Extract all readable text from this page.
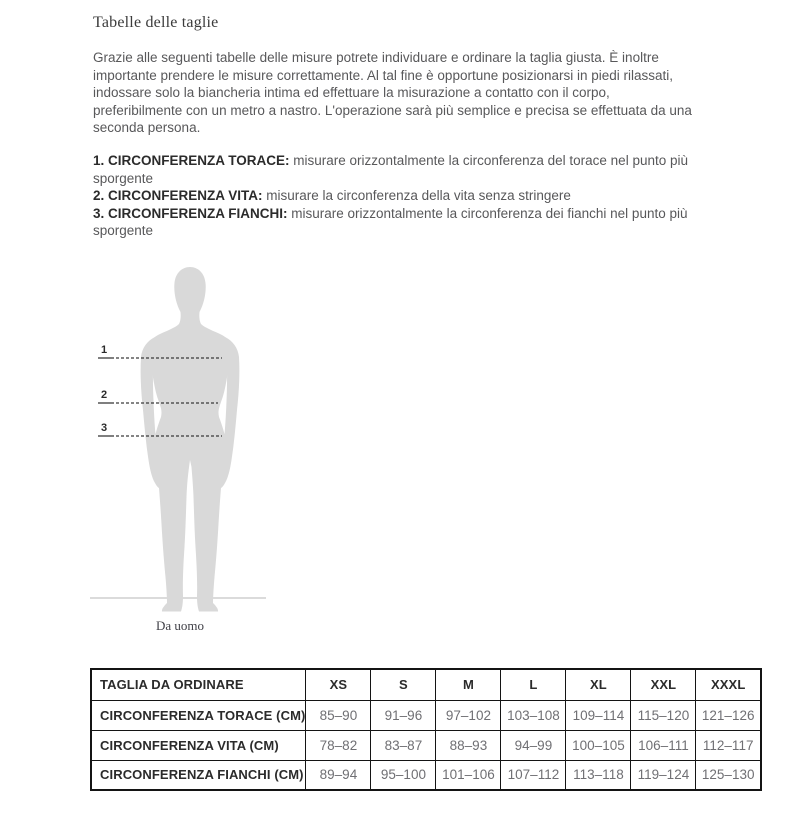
Tabelle delle taglie

Grazie alle seguenti tabelle delle misure potrete individuare e ordinare la taglia giusta. È inoltre importante prendere le misure correttamente. Al tal fine è opportune posizionarsi in piedi rilassati, indossare solo la biancheria intima ed effettuare la misurazione a contatto con il corpo, preferibilmente con un metro a nastro. L'operazione sarà più semplice e precisa se effettuata da una seconda persona.

1. CIRCONFERENZA TORACE: misurare orizzontalmente la circonferenza del torace nel punto più sporgente

2. CIRCONFERENZA VITA: misurare la circonferenza della vita senza stringere

3. CIRCONFERENZA FIANCHI: misurare orizzontalmente la circonferenza dei fianchi nel punto più sporgente

1
2
3
Da uomo
TAGLIA DA ORDINARE	XS	S	M	L	XL	XXL	XXXL
CIRCONFERENZA TORACE (CM)	85–90	91–96	97–102	103–108	109–114	115–120	121–126
CIRCONFERENZA VITA (CM)	78–82	83–87	88–93	94–99	100–105	106–111	112–117
CIRCONFERENZA FIANCHI (CM)	89–94	95–100	101–106	107–112	113–118	119–124	125–130
